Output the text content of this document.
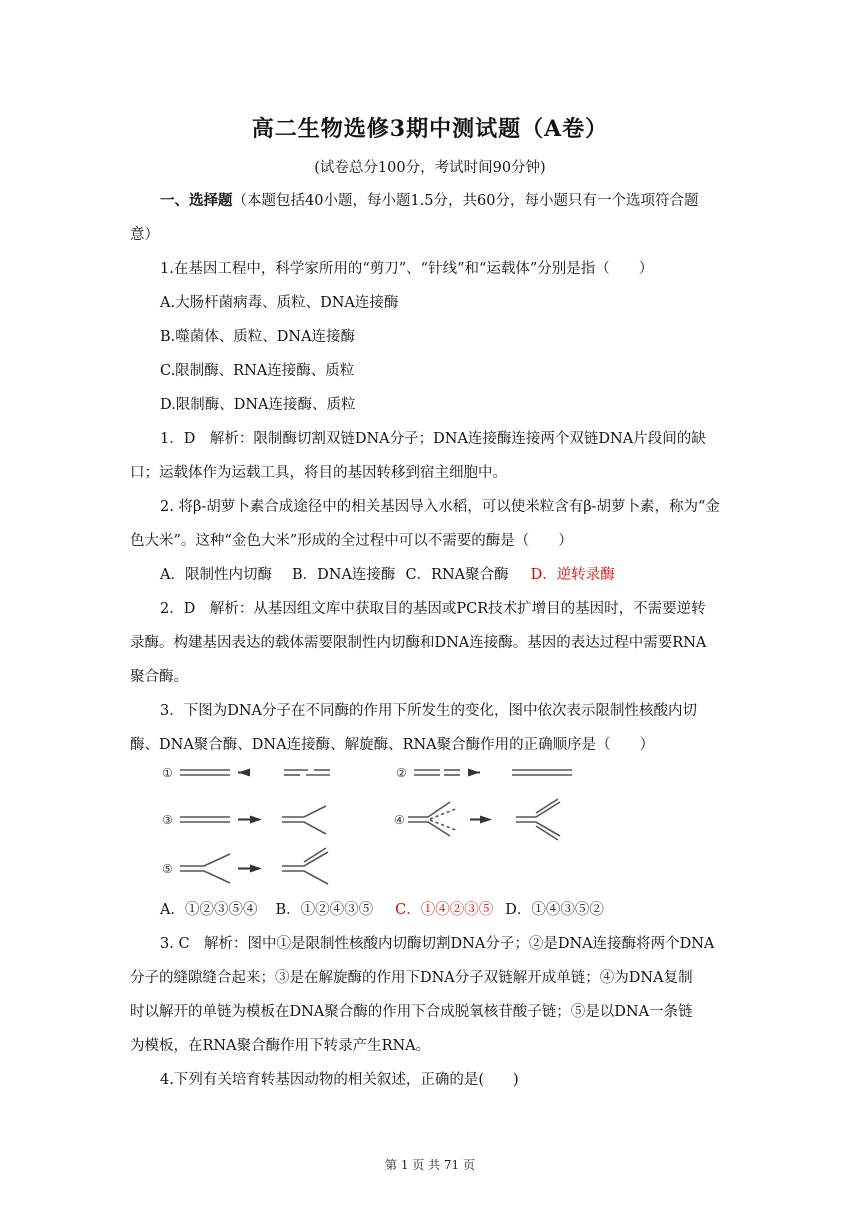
高二生物选修3期中测试题（A卷）
(试卷总分100分，考试时间90分钟)
一、选择题（本题包括40小题，每小题1.5分，共60分，每小题只有一个选项符合题
意）
1.在基因工程中，科学家所用的“剪刀”、“针线”和“运载体”分别是指（　　）
A.大肠杆菌病毒、质粒、DNA连接酶
B.噬菌体、质粒、DNA连接酶
C.限制酶、RNA连接酶、质粒
D.限制酶、DNA连接酶、质粒
1．D　解析：限制酶切割双链DNA分子；DNA连接酶连接两个双链DNA片段间的缺
口；运载体作为运载工具，将目的基因转移到宿主细胞中。
2. 将β-胡萝卜素合成途径中的相关基因导入水稻，可以使米粒含有β-胡萝卜素，称为“金
色大米”。这种“金色大米”形成的全过程中可以不需要的酶是（　　）
A．限制性内切酶 B．DNA连接酶 C．RNA聚合酶 D．逆转录酶
2．D　解析：从基因组文库中获取目的基因或PCR技术扩增目的基因时，不需要逆转
录酶。构建基因表达的载体需要限制性内切酶和DNA连接酶。基因的表达过程中需要RNA
聚合酶。
3．下图为DNA分子在不同酶的作用下所发生的变化，图中依次表示限制性核酸内切
酶、DNA聚合酶、DNA连接酶、解旋酶、RNA聚合酶作用的正确顺序是（　　）
①	②
③	④
⑤
A．①②③⑤④ B．①②④③⑤ C．①④②③⑤ D．①④③⑤②
3. C　解析：图中①是限制性核酸内切酶切割DNA分子；②是DNA连接酶将两个DNA
分子的缝隙缝合起来；③是在解旋酶的作用下DNA分子双链解开成单链；④为DNA复制
时以解开的单链为模板在DNA聚合酶的作用下合成脱氧核苷酸子链；⑤是以DNA一条链
为模板，在RNA聚合酶作用下转录产生RNA。
4.下列有关培育转基因动物的相关叙述，正确的是(　　)
第 1 页 共 71 页
